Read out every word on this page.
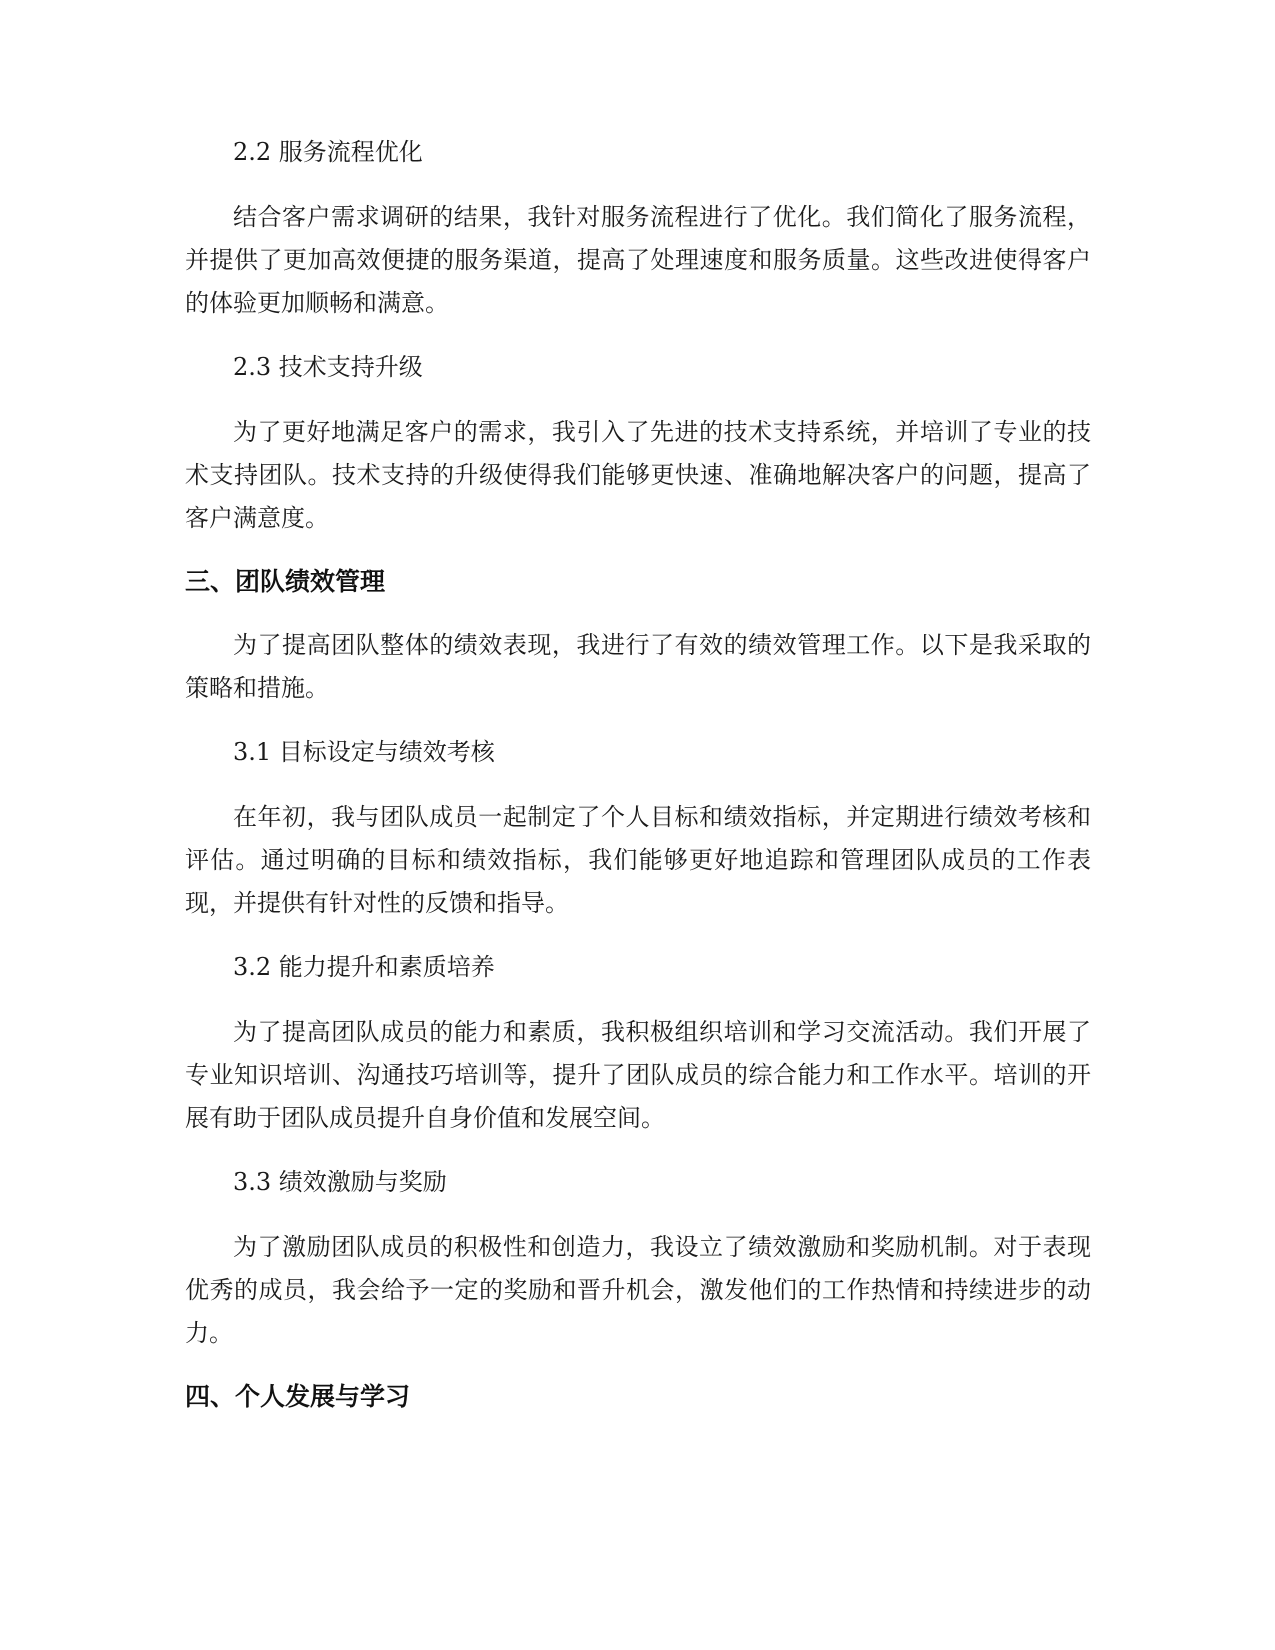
2.2 服务流程优化

结合客户需求调研的结果，我针对服务流程进行了优化。我们简化了服务流程，并提供了更加高效便捷的服务渠道，提高了处理速度和服务质量。这些改进使得客户的体验更加顺畅和满意。

2.3 技术支持升级

为了更好地满足客户的需求，我引入了先进的技术支持系统，并培训了专业的技术支持团队。技术支持的升级使得我们能够更快速、准确地解决客户的问题，提高了客户满意度。

三、团队绩效管理

为了提高团队整体的绩效表现，我进行了有效的绩效管理工作。以下是我采取的策略和措施。

3.1 目标设定与绩效考核

在年初，我与团队成员一起制定了个人目标和绩效指标，并定期进行绩效考核和评估。通过明确的目标和绩效指标，我们能够更好地追踪和管理团队成员的工作表现，并提供有针对性的反馈和指导。

3.2 能力提升和素质培养

为了提高团队成员的能力和素质，我积极组织培训和学习交流活动。我们开展了专业知识培训、沟通技巧培训等，提升了团队成员的综合能力和工作水平。培训的开展有助于团队成员提升自身价值和发展空间。

3.3 绩效激励与奖励

为了激励团队成员的积极性和创造力，我设立了绩效激励和奖励机制。对于表现优秀的成员，我会给予一定的奖励和晋升机会，激发他们的工作热情和持续进步的动力。

四、个人发展与学习
